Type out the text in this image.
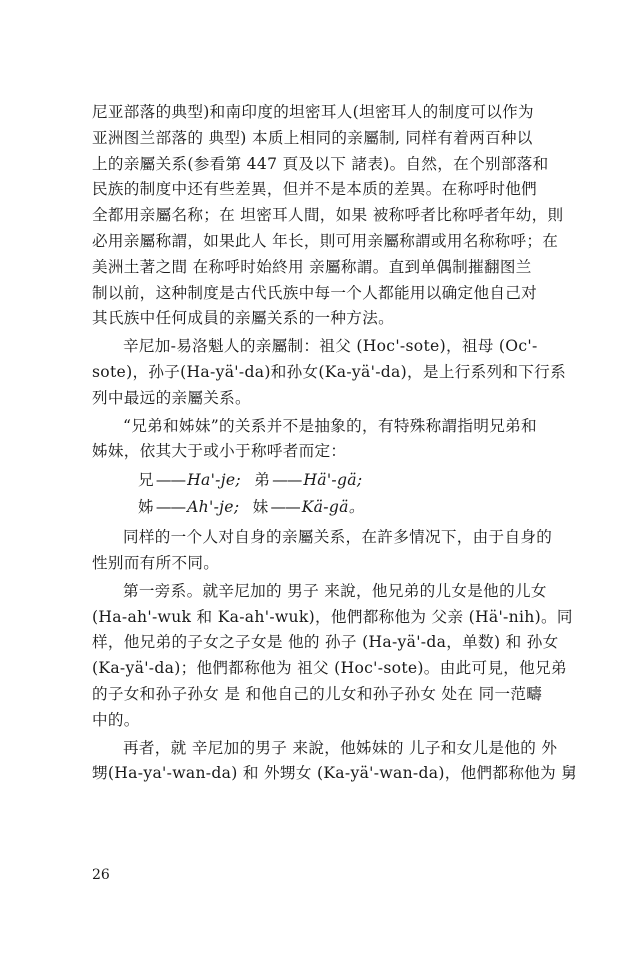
尼亚部落的典型)和南印度的坦密耳人(坦密耳人的制度可以作为
亚洲图兰部落的 典型) 本质上相同的亲屬制, 同样有着两百种以
上的亲屬关系(参看第 447 頁及以下 諸表)。自然，在个别部落和
民族的制度中还有些差異，但并不是本质的差異。在称呼时他們
全都用亲屬名称；在 坦密耳人間，如果 被称呼者比称呼者年幼，則
必用亲屬称謂，如果此人 年长，則可用亲屬称謂或用名称称呼；在
美洲土著之間 在称呼时始終用 亲屬称謂。直到单偶制摧翻图兰
制以前，这种制度是古代氏族中每一个人都能用以确定他自己对
其氏族中任何成員的亲屬关系的一种方法。
辛尼加-易洛魁人的亲屬制：祖父 (Hoc'-sote)，祖母 (Oc'-
sote)，孙子(Ha-yä'-da)和孙女(Ka-yä'-da)，是上行系列和下行系
列中最远的亲屬关系。
“兄弟和姊妹”的关系并不是抽象的，有特殊称謂指明兄弟和
姊妹，依其大于或小于称呼者而定：
兄 —— Ha'-je; 弟 —— Hä'-gä;
姊 —— Ah'-je; 妹 —— Kä-gä。
同样的一个人对自身的亲屬关系，在許多情况下，由于自身的
性别而有所不同。
第一旁系。就辛尼加的 男子 来說，他兄弟的儿女是他的儿女
(Ha-ah'-wuk 和 Ka-ah'-wuk)，他們都称他为 父亲 (Hä'-nih)。同
样，他兄弟的子女之子女是 他的 孙子 (Ha-yä'-da，单数) 和 孙女
(Ka-yä'-da)；他們都称他为 祖父 (Hoc'-sote)。由此可見，他兄弟
的子女和孙子孙女 是 和他自己的儿女和孙子孙女 处在 同一范疇
中的。
再者，就 辛尼加的男子 来說，他姊妹的 儿子和女儿是他的 外
甥(Ha-ya'-wan-da) 和 外甥女 (Ka-yä'-wan-da)，他們都称他为 舅
26
